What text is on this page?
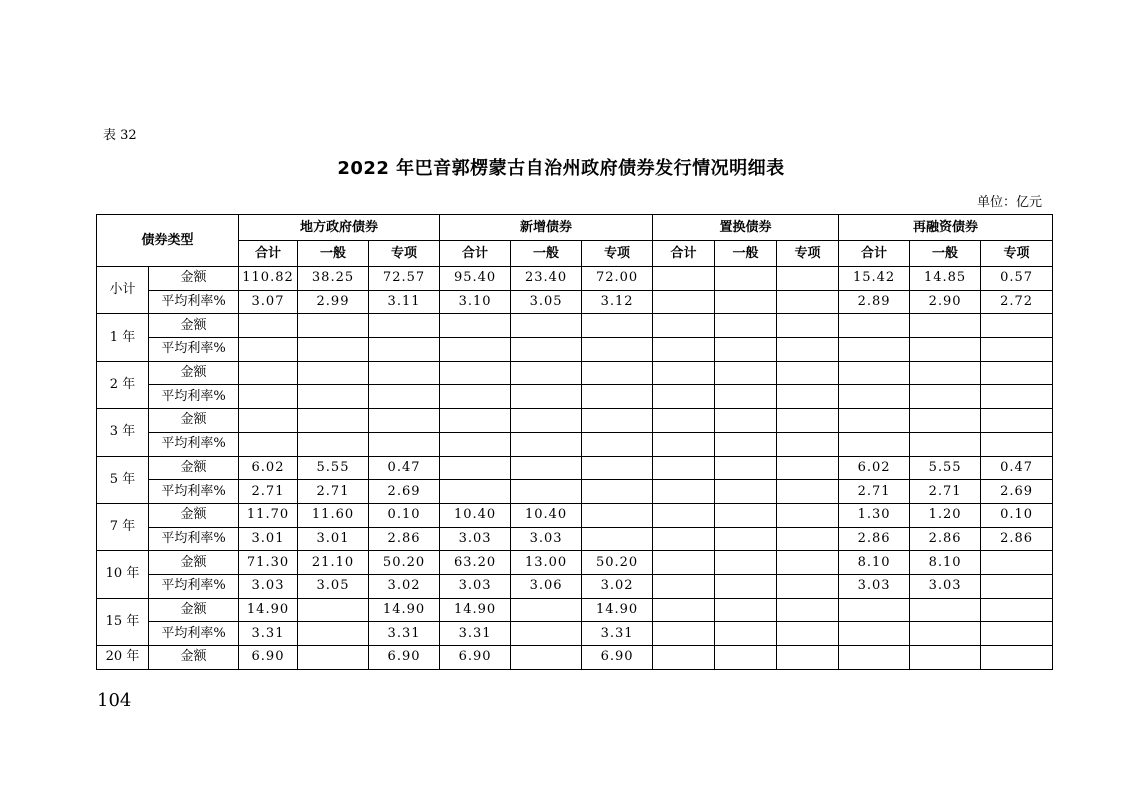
表 32
2022 年巴音郭楞蒙古自治州政府债券发行情况明细表
单位：亿元
债券类型		地方政府债券			新增债券			置换债券			再融资债券		
		合计	一般	专项	合计	一般	专项	合计	一般	专项	合计	一般	专项
小计	金额	110.82	38.25	72.57	95.40	23.40	72.00				15.42	14.85	0.57
	平均利率%	3.07	2.99	3.11	3.10	3.05	3.12				2.89	2.90	2.72
1 年	金额												
	平均利率%												
2 年	金额												
	平均利率%												
3 年	金额												
	平均利率%												
5 年	金额	6.02	5.55	0.47							6.02	5.55	0.47
	平均利率%	2.71	2.71	2.69							2.71	2.71	2.69
7 年	金额	11.70	11.60	0.10	10.40	10.40					1.30	1.20	0.10
	平均利率%	3.01	3.01	2.86	3.03	3.03					2.86	2.86	2.86
10 年	金额	71.30	21.10	50.20	63.20	13.00	50.20				8.10	8.10	
	平均利率%	3.03	3.05	3.02	3.03	3.06	3.02				3.03	3.03	
15 年	金额	14.90		14.90	14.90		14.90						
	平均利率%	3.31		3.31	3.31		3.31						
20 年	金额	6.90		6.90	6.90		6.90						
104
